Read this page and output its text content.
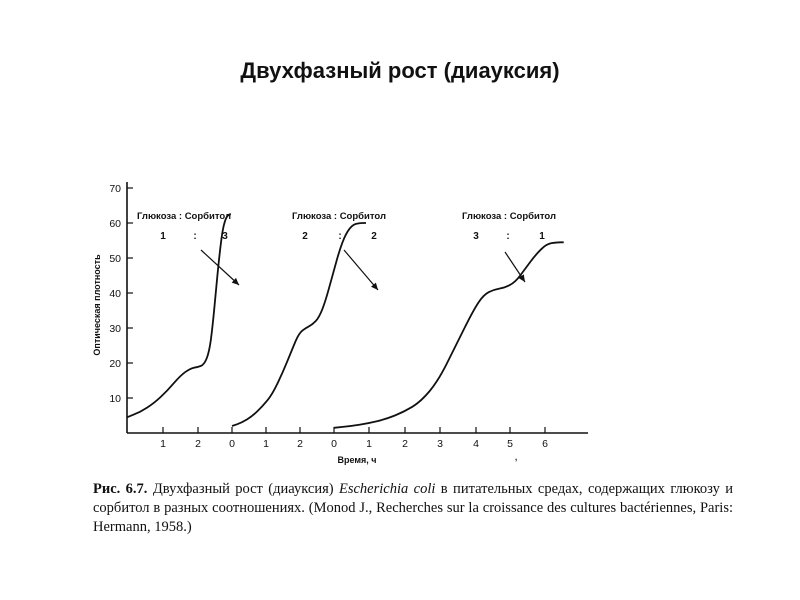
Двухфазный рост (диауксия)
Оптическая плотность
Время, ч
10
20
30
40
50
60
70
1	2	0	1	2	0	1	2	3	4	5	6
Глюкоза : Сорбитол
1	:	3
Глюкоза : Сорбитол
2	:	2
Глюкоза : Сорбитол
3	:	1
,
Рис. 6.7. Двухфазный рост (диауксия) Escherichia coli в питательных средах, содержащих глюкозу и сорбитол в разных соотношениях. (Monod J., Recherches sur la croissance des cultures bactériennes, Paris: Hermann, 1958.)
